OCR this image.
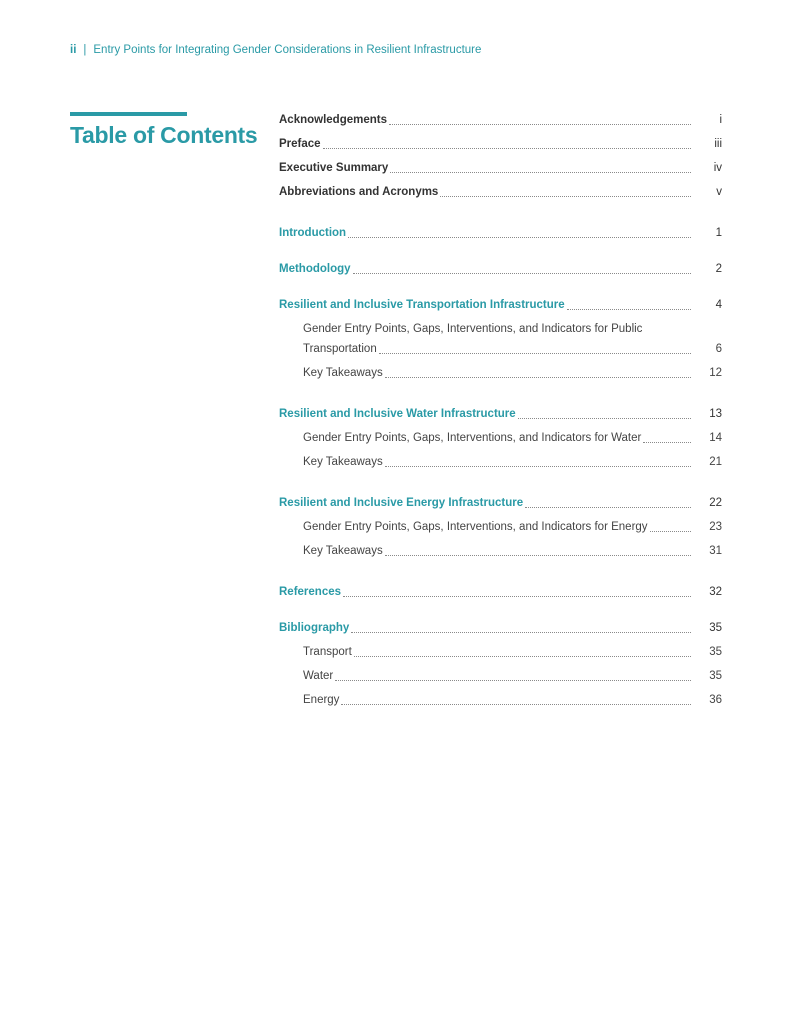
ii | Entry Points for Integrating Gender Considerations in Resilient Infrastructure
Table of Contents
Acknowledgements	i
Preface	iii
Executive Summary	iv
Abbreviations and Acronyms	v
Introduction	1
Methodology	2
Resilient and Inclusive Transportation Infrastructure	4
Gender Entry Points, Gaps, Interventions, and Indicators for Public
Transportation	6
Key Takeaways	12
Resilient and Inclusive Water Infrastructure	13
Gender Entry Points, Gaps, Interventions, and Indicators for Water	14
Key Takeaways	21
Resilient and Inclusive Energy Infrastructure	22
Gender Entry Points, Gaps, Interventions, and Indicators for Energy	23
Key Takeaways	31
References	32
Bibliography	35
Transport	35
Water	35
Energy	36
